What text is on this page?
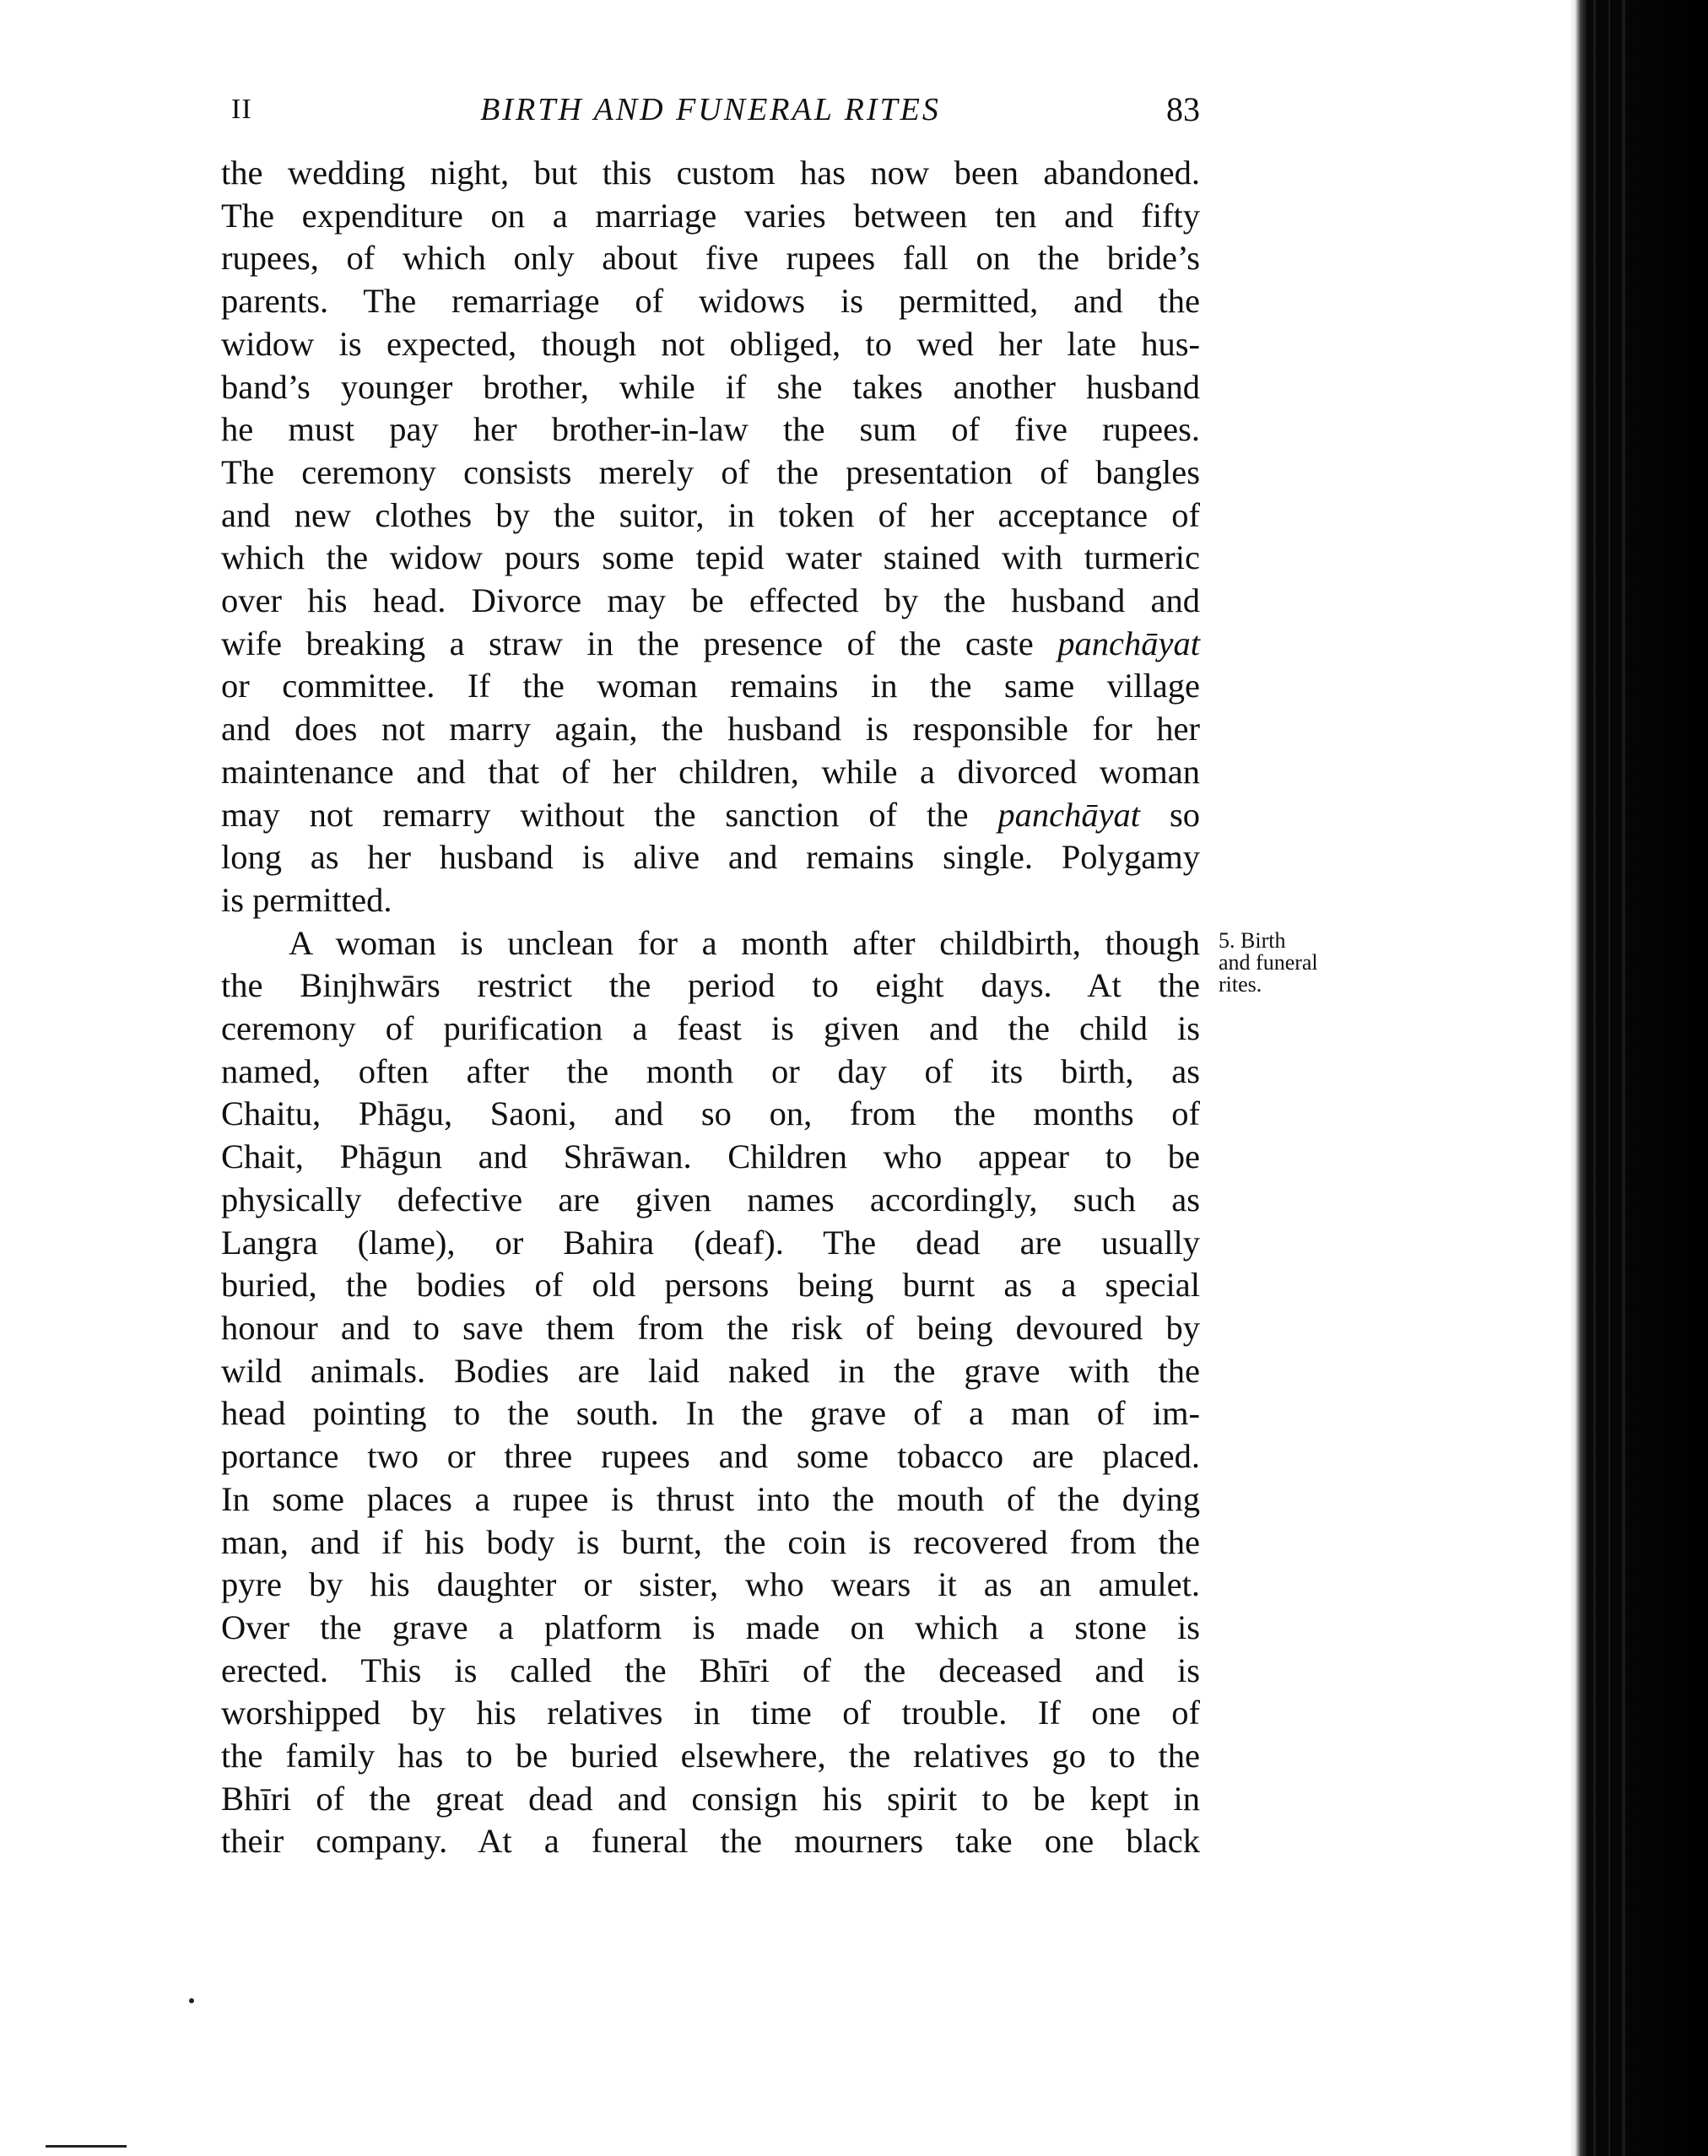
II	BIRTH AND FUNERAL RITES	83

the wedding night, but this custom has now been abandoned.
The expenditure on a marriage varies between ten and fifty
rupees, of which only about five rupees fall on the bride’s
parents. The remarriage of widows is permitted, and the
widow is expected, though not obliged, to wed her late hus-
band’s younger brother, while if she takes another husband
he must pay her brother-in-law the sum of five rupees.
The ceremony consists merely of the presentation of bangles
and new clothes by the suitor, in token of her acceptance of
which the widow pours some tepid water stained with turmeric
over his head. Divorce may be effected by the husband and
wife breaking a straw in the presence of the caste panchāyat
or committee. If the woman remains in the same village
and does not marry again, the husband is responsible for her
maintenance and that of her children, while a divorced woman
may not remarry without the sanction of the panchāyat so
long as her husband is alive and remains single. Polygamy
is permitted.

A woman is unclean for a month after childbirth, though
the Binjhwārs restrict the period to eight days. At the
ceremony of purification a feast is given and the child is
named, often after the month or day of its birth, as
Chaitu, Phāgu, Saoni, and so on, from the months of
Chait, Phāgun and Shrāwan. Children who appear to be
physically defective are given names accordingly, such as
Langra (lame), or Bahira (deaf). The dead are usually
buried, the bodies of old persons being burnt as a special
honour and to save them from the risk of being devoured by
wild animals. Bodies are laid naked in the grave with the
head pointing to the south. In the grave of a man of im-
portance two or three rupees and some tobacco are placed.
In some places a rupee is thrust into the mouth of the dying
man, and if his body is burnt, the coin is recovered from the
pyre by his daughter or sister, who wears it as an amulet.
Over the grave a platform is made on which a stone is
erected. This is called the Bhīri of the deceased and is
worshipped by his relatives in time of trouble. If one of
the family has to be buried elsewhere, the relatives go to the
Bhīri of the great dead and consign his spirit to be kept in
their company. At a funeral the mourners take one black

5. Birth
and funeral
rites.
